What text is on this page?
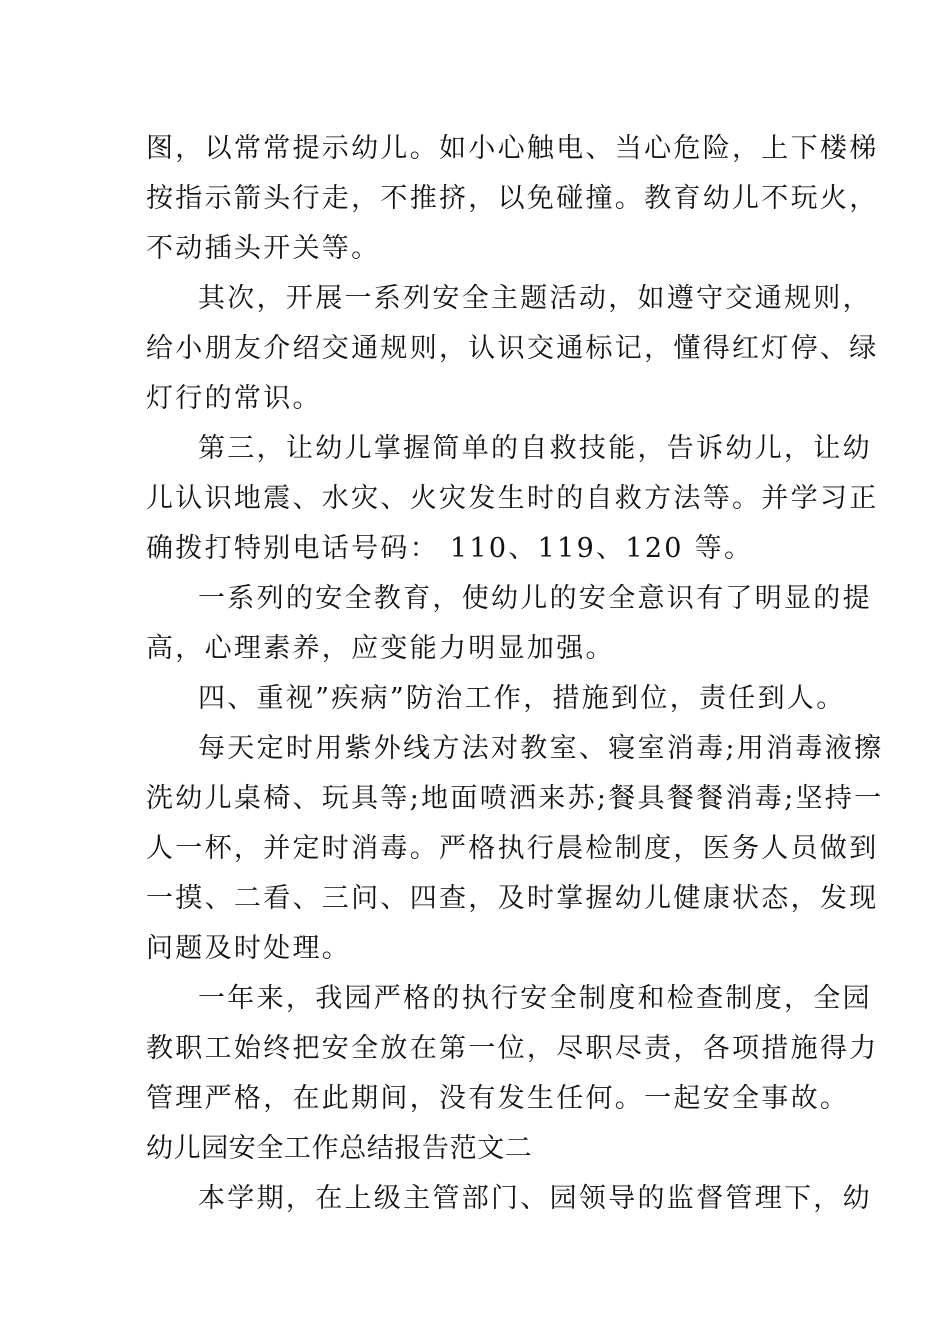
图，以常常提示幼儿。如小心触电、当心危险，上下楼梯
按指示箭头行走，不推挤，以免碰撞。教育幼儿不玩火，
不动插头开关等。
其次，开展一系列安全主题活动，如遵守交通规则，
给小朋友介绍交通规则，认识交通标记，懂得红灯停、绿
灯行的常识。
第三，让幼儿掌握简单的自救技能，告诉幼儿，让幼
儿认识地震、水灾、火灾发生时的自救方法等。并学习正
确拨打特别电话号码： 110、119、120 等。
一系列的安全教育，使幼儿的安全意识有了明显的提
高，心理素养，应变能力明显加强。
四、重视”疾病”防治工作，措施到位，责任到人。
每天定时用紫外线方法对教室、寝室消毒;用消毒液擦
洗幼儿桌椅、玩具等;地面喷洒来苏;餐具餐餐消毒;坚持一
人一杯，并定时消毒。严格执行晨检制度，医务人员做到
一摸、二看、三问、四查，及时掌握幼儿健康状态，发现
问题及时处理。
一年来，我园严格的执行安全制度和检查制度，全园
教职工始终把安全放在第一位，尽职尽责，各项措施得力
管理严格，在此期间，没有发生任何。一起安全事故。
幼儿园安全工作总结报告范文二
本学期，在上级主管部门、园领导的监督管理下，幼
